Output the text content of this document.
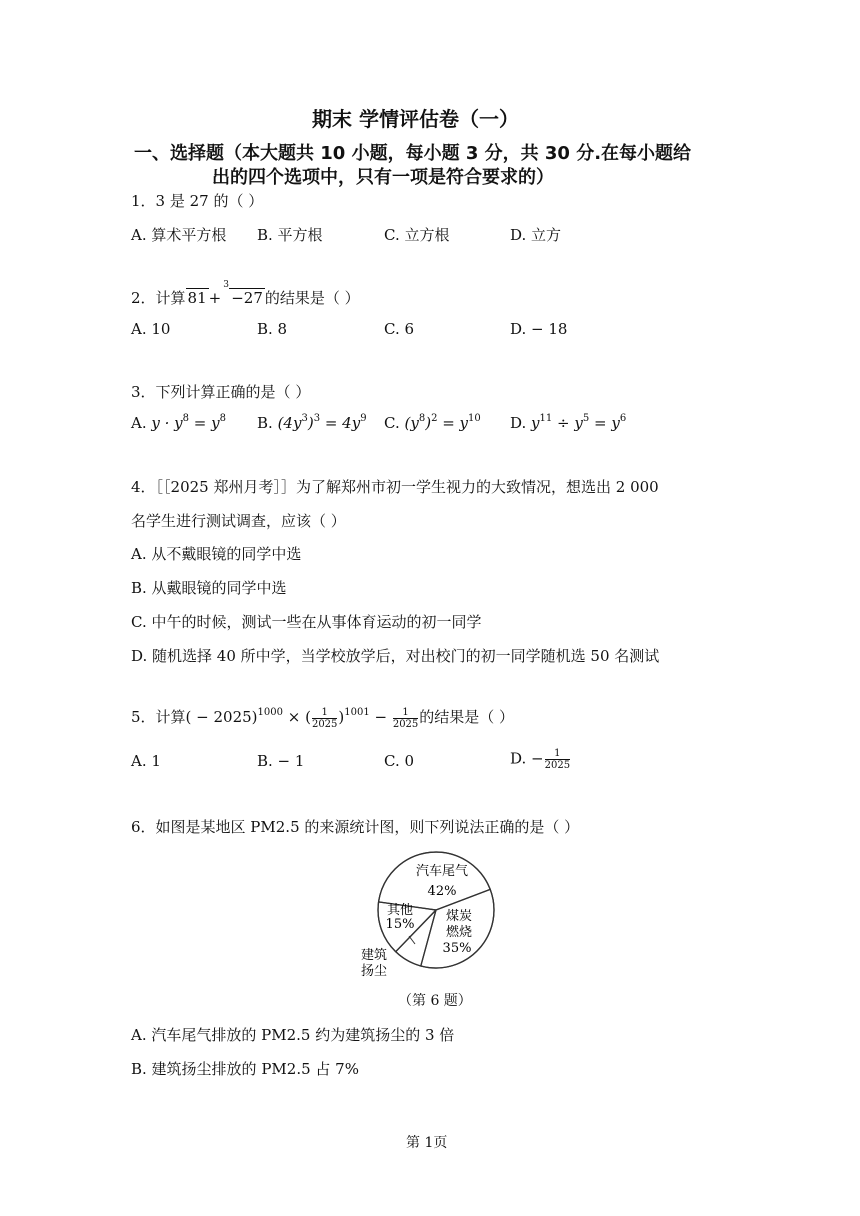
期末 学情评估卷（一）
一、选择题（本大题共 10 小题，每小题 3 分，共 30 分.在每小题给
出的四个选项中，只有一项是符合要求的）
1．3 是 27 的（ ）
A. 算术平方根 B. 平方根	C. 立方根	D. 立方
2．计算 81 +
3
−27 的结果是（ ）
A. 10	B. 8	C. 6	D. − 18
3．下列计算正确的是（ ）
A. $y \cdot y^8 = y^8$ B. $(4y^3)^3 = 4y^9$ C. $(y^8)^2 = y^{10}$ D. $y^{11} \div y^5 = y^6$
4．［［2025 郑州月考］］为了解郑州市初一学生视力的大致情况，想选出 2 000
名学生进行测试调查，应该（ ）
A. 从不戴眼镜的同学中选
B. 从戴眼镜的同学中选
C. 中午的时候，测试一些在从事体育运动的初一同学
D. 随机选择 40 所中学，当学校放学后，对出校门的初一同学随机选 50 名测试
5．计算( − 2025)$^{1000}$ × ( $\frac{1}{2025} )^{1001} - \frac{1}{2025}$ 的结果是（ ）
A. 1	B. − 1	C. 0	D. − $\frac{1}{2025}$
6．如图是某地区 PM2.5 的来源统计图，则下列说法正确的是（ ）
汽车尾气
42%
煤炭
燃烧
35%
其他
15%
建筑
扬尘
（第 6 题）
A. 汽车尾气排放的 PM2.5 约为建筑扬尘的 3 倍
B. 建筑扬尘排放的 PM2.5 占 7%
第 1页
